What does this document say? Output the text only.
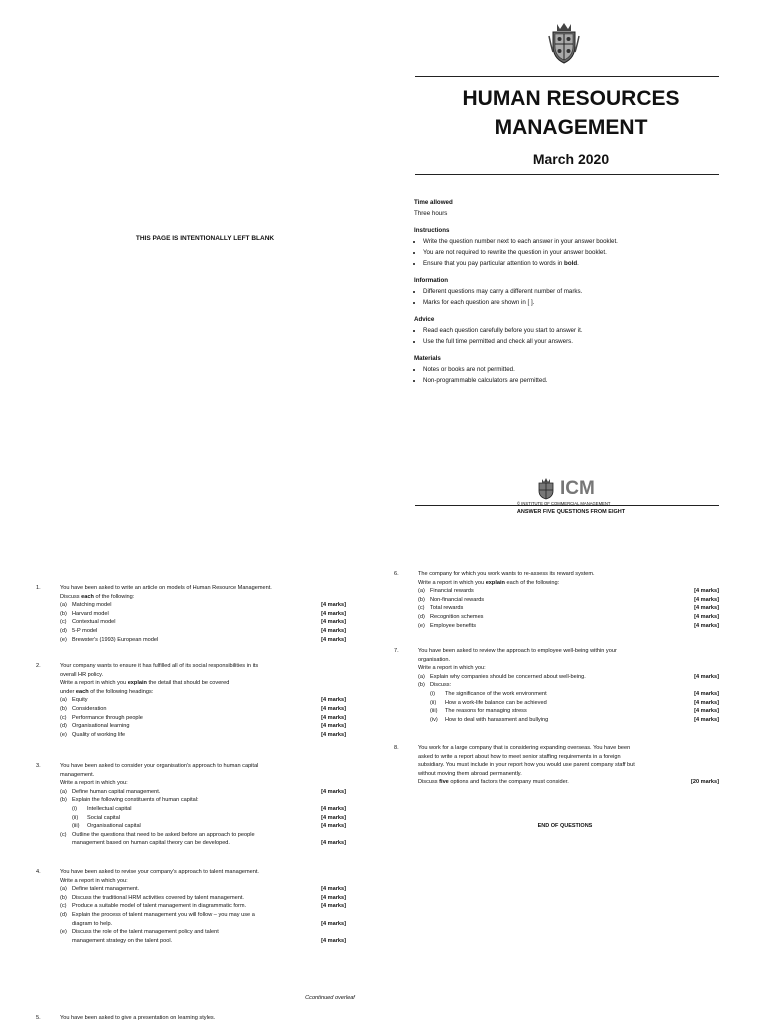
THIS PAGE IS INTENTIONALLY LEFT BLANK
HUMAN RESOURCES
MANAGEMENT
March 2020
Time allowed
Three hours
Instructions
• Write the question number next to each answer in your answer booklet.
• You are not required to rewrite the question in your answer booklet.
• Ensure that you pay particular attention to words in bold.
Information
• Different questions may carry a different number of marks.
• Marks for each question are shown in [ ].
Advice
• Read each question carefully before you start to answer it.
• Use the full time permitted and check all your answers.
Materials
• Notes or books are not permitted.
• Non-programmable calculators are permitted.
ICM
© INSTITUTE OF COMMERCIAL MANAGEMENT
ANSWER FIVE QUESTIONS FROM EIGHT
1.	You have been asked to write an article on models of Human Resource Management.
Discuss each of the following:
(a) Matching model	[4 marks]
(b) Harvard model	[4 marks]
(c) Contextual model	[4 marks]
(d) 5-P model	[4 marks]
(e) Brewster's (1993) European model	[4 marks]
2.	Your company wants to ensure it has fulfilled all of its social responsibilities in its
overall HR policy.
Write a report in which you explain the detail that should be covered
under each of the following headings:
(a) Equity	[4 marks]
(b) Consideration	[4 marks]
(c) Performance through people	[4 marks]
(d) Organisational learning	[4 marks]
(e) Quality of working life	[4 marks]
3.	You have been asked to consider your organisation's approach to human capital
management.
Write a report in which you:
(a) Define human capital management.	[4 marks]
(b) Explain the following constituents of human capital:
(i) Intellectual capital	[4 marks]
(ii) Social capital	[4 marks]
(iii) Organisational capital	[4 marks]
(c) Outline the questions that need to be asked before an approach to people
management based on human capital theory can be developed.	[4 marks]
4.	You have been asked to revise your company's approach to talent management.
Write a report in which you:
(a) Define talent management.	[4 marks]
(b) Discuss the traditional HRM activities covered by talent management.	[4 marks]
(c) Produce a suitable model of talent management in diagrammatic form.	[4 marks]
(d) Explain the process of talent management you will follow – you may use a
diagram to help.	[4 marks]
(e) Discuss the role of the talent management policy and talent
management strategy on the talent pool.	[4 marks]
Ccontinued overleaf
5.	You have been asked to give a presentation on learning styles.
6.	The company for which you work wants to re-assess its reward system.
Write a report in which you explain each of the following:
(a) Financial rewards	[4 marks]
(b) Non-financial rewards	[4 marks]
(c) Total rewards	[4 marks]
(d) Recognition schemes	[4 marks]
(e) Employee benefits	[4 marks]
7.	You have been asked to review the approach to employee well-being within your
organisation.
Write a report in which you:
(a) Explain why companies should be concerned about well-being.	[4 marks]
(b) Discuss:
(i) The significance of the work environment	[4 marks]
(ii) How a work-life balance can be achieved	[4 marks]
(iii) The reasons for managing stress	[4 marks]
(iv) How to deal with harassment and bullying	[4 marks]
8.	You work for a large company that is considering expanding overseas. You have been
asked to write a report about how to meet senior staffing requirements in a foreign
subsidiary. You must include in your report how you would use parent company staff but
without moving them abroad permanently.
Discuss five options and factors the company must consider.	[20 marks]
END OF QUESTIONS
